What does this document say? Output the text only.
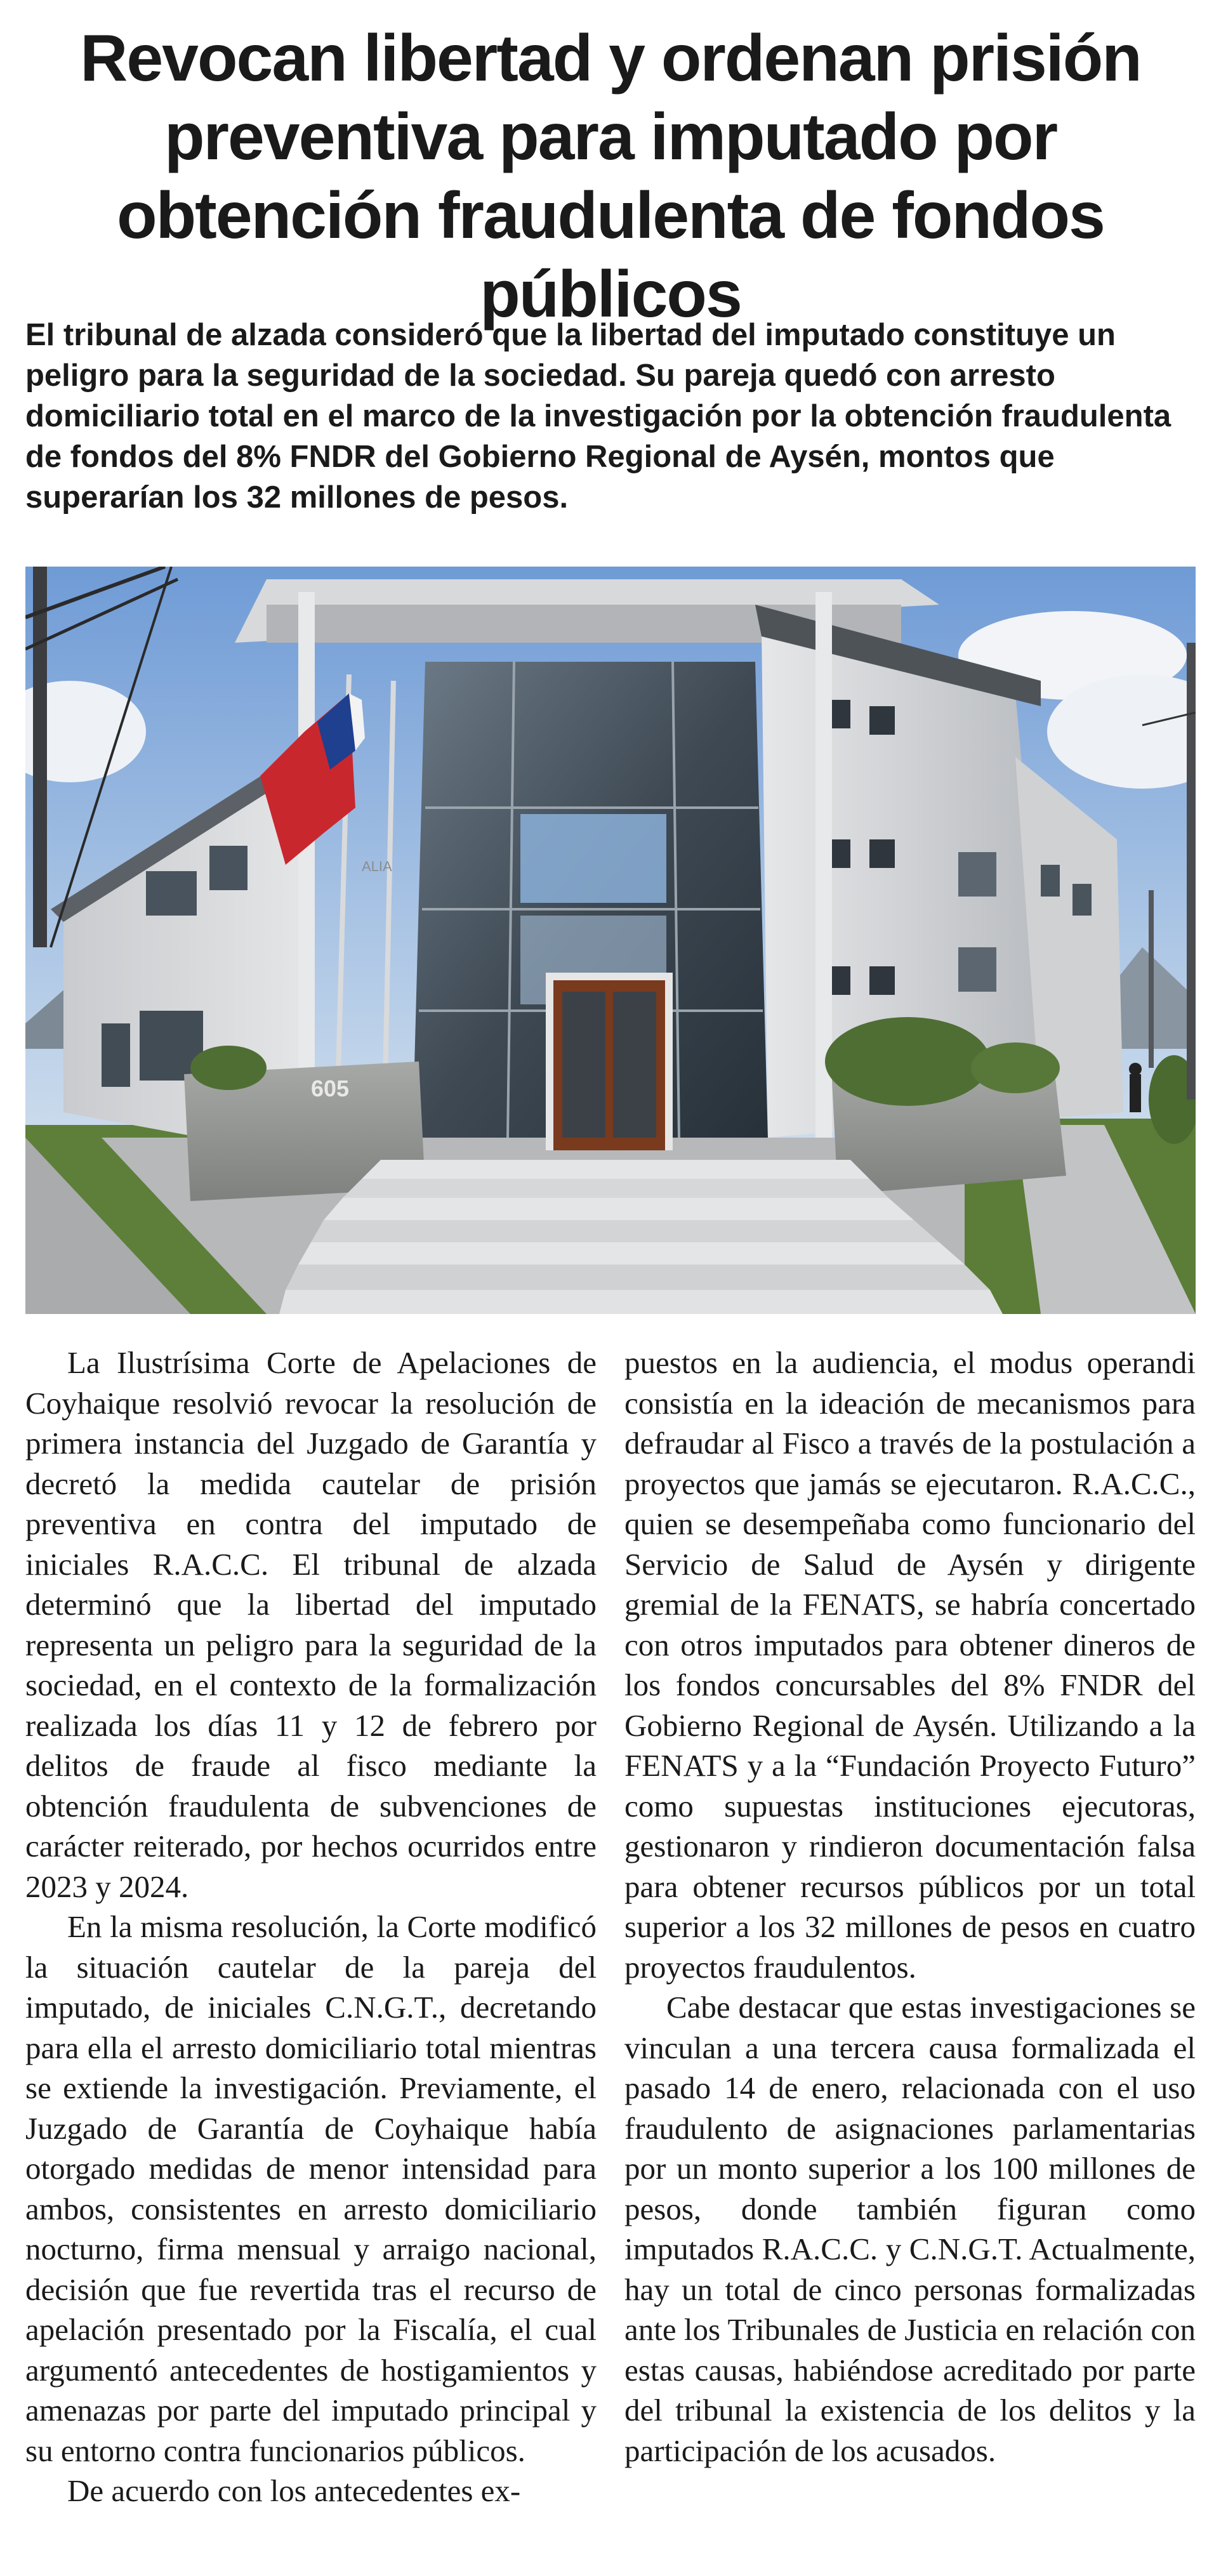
Revocan libertad y ordenan prisión preventiva para imputado por obtención fraudulenta de fondos públicos

El tribunal de alzada consideró que la libertad del imputado constituye un peligro para la seguridad de la sociedad. Su pareja quedó con arresto domiciliario total en el marco de la investigación por la obtención fraudulenta de fondos del 8% FNDR del Gobierno Regional de Aysén, montos que superarían los 32 millones de pesos.

605
ALIA

La Ilustrísima Corte de Apelaciones de Coyhaique resolvió revocar la resolución de primera instancia del Juzgado de Garantía y decretó la medida cautelar de prisión preventiva en contra del imputado de iniciales R.A.C.C. El tribunal de alzada determinó que la libertad del imputado representa un peligro para la seguridad de la sociedad, en el contexto de la formalización realizada los días 11 y 12 de febrero por delitos de fraude al fisco mediante la obtención fraudulenta de subvenciones de carácter reiterado, por hechos ocurridos entre 2023 y 2024.

En la misma resolución, la Corte modificó la situación cautelar de la pareja del imputado, de iniciales C.N.G.T., decretando para ella el arresto domiciliario total mientras se extiende la investigación. Previamente, el Juzgado de Garantía de Coyhaique había otorgado medidas de menor intensidad para ambos, consistentes en arresto domiciliario nocturno, firma mensual y arraigo nacional, decisión que fue revertida tras el recurso de apelación presentado por la Fiscalía, el cual argumentó antecedentes de hostigamientos y amenazas por parte del imputado principal y su entorno contra funcionarios públicos.

De acuerdo con los antecedentes ex-

puestos en la audiencia, el modus operandi consistía en la ideación de mecanismos para defraudar al Fisco a través de la postulación a proyectos que jamás se ejecutaron. R.A.C.C., quien se desempeñaba como funcionario del Servicio de Salud de Aysén y dirigente gremial de la FENATS, se habría concertado con otros imputados para obtener dineros de los fondos concursables del 8% FNDR del Gobierno Regional de Aysén. Utilizando a la FENATS y a la “Fundación Proyecto Futuro” como supuestas instituciones ejecutoras, gestionaron y rindieron documentación falsa para obtener recursos públicos por un total superior a los 32 millones de pesos en cuatro proyectos fraudulentos.

Cabe destacar que estas investigaciones se vinculan a una tercera causa formalizada el pasado 14 de enero, relacionada con el uso fraudulento de asignaciones parlamentarias por un monto superior a los 100 millones de pesos, donde también figuran como imputados R.A.C.C. y C.N.G.T. Actualmente, hay un total de cinco personas formalizadas ante los Tribunales de Justicia en relación con estas causas, habiéndose acreditado por parte del tribunal la existencia de los delitos y la participación de los acusados.
